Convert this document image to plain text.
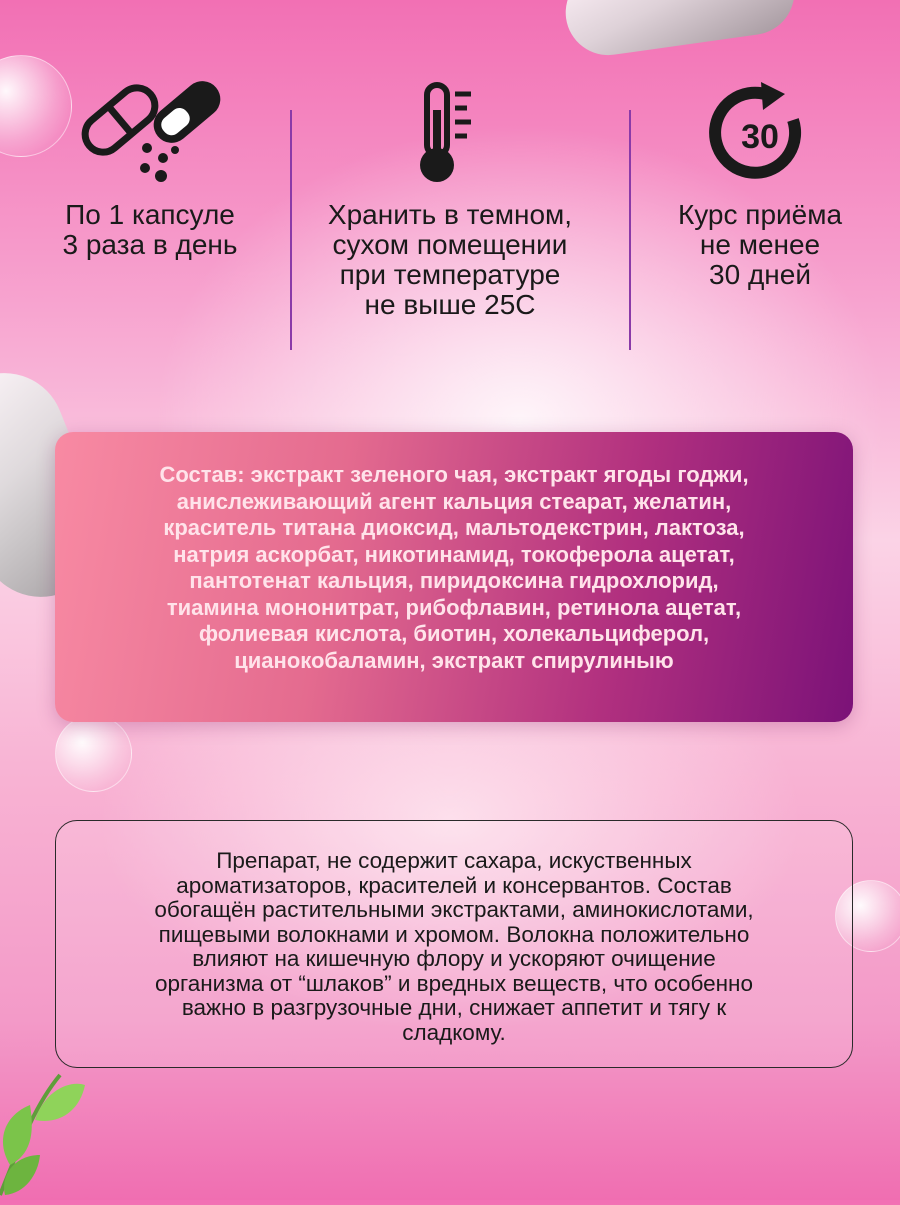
По 1 капсуле
3 раза в день
Хранить в темном,
сухом помещении
при температуре
не выше 25С
30
Курс приёма
не менее
30 дней
Состав: экстракт зеленого чая, экстракт ягоды годжи,
анислеживающий агент кальция стеарат, желатин,
краситель титана диоксид, мальтодекстрин, лактоза,
натрия аскорбат, никотинамид, токоферола ацетат,
пантотенат кальция, пиридоксина гидрохлорид,
тиамина мононитрат, рибофлавин, ретинола ацетат,
фолиевая кислота, биотин, холекальциферол,
цианокобаламин, экстракт спирулиныю
Препарат, не содержит сахара, искуственных
ароматизаторов, красителей и консервантов. Состав
обогащён растительными экстрактами, аминокислотами,
пищевыми волокнами и хромом. Волокна положительно
влияют на кишечную флору и ускоряют очищение
организма от “шлаков” и вредных веществ, что особенно
важно в разгрузочные дни, снижает аппетит и тягу к
сладкому.
